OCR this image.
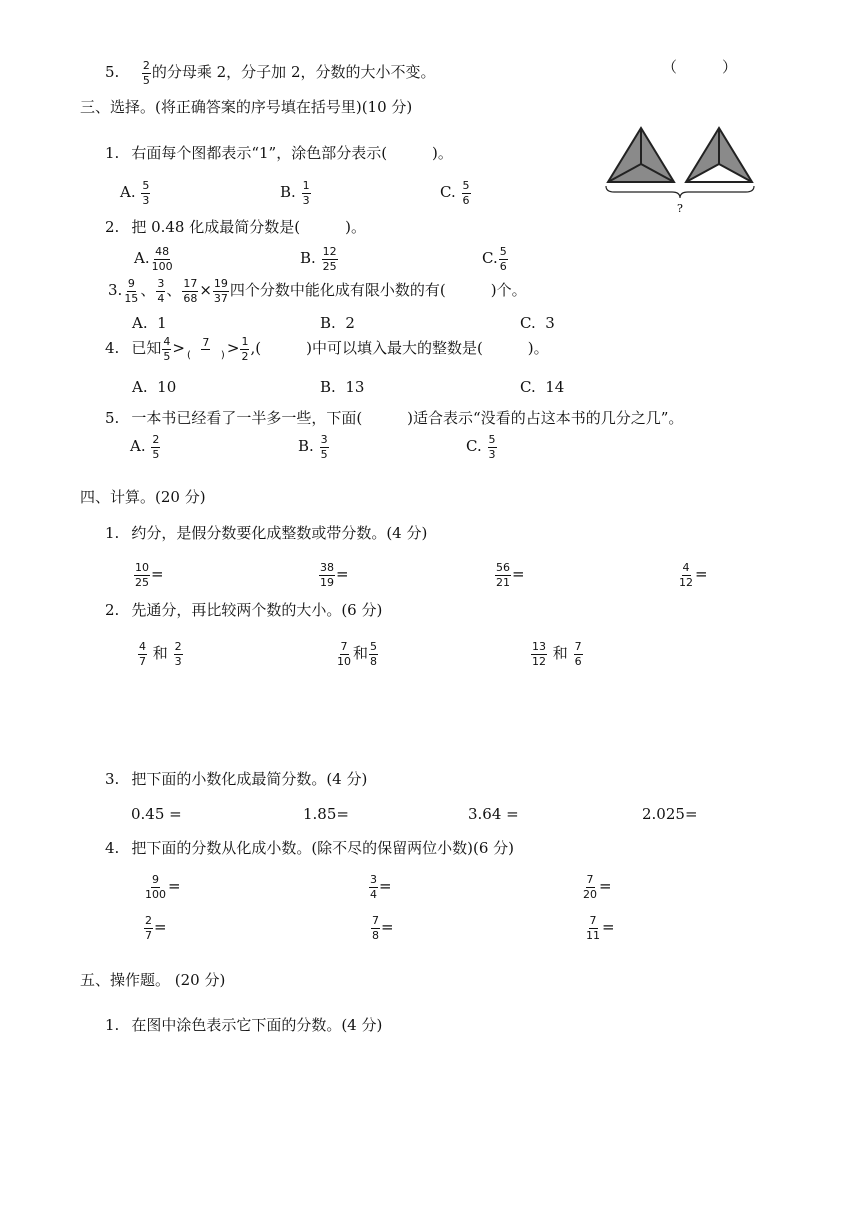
5. $\frac{2}{5}$ 的分母乘 2，分子加 2，分数的大小不变。	（　　　）
三、选择。(将正确答案的序号填在括号里)(10 分)
1. 右面每个图都表示“1”，涂色部分表示(　　　)。
A. $\frac{5}{3}$	B. $\frac{1}{3}$	C. $\frac{5}{6}$
?
2. 把 0.48 化成最简分数是(　　　)。
A. $\frac{48}{100}$	B. $\frac{12}{25}$	C. $\frac{5}{6}$
3. $\frac{9}{15}$ 、 $\frac{3}{4}$ 、 $\frac{17}{68} \times \frac{19}{37}$ 四个分数中能化成有限小数的有(　　　)个。
A. 1	B. 2	C. 3
4. 已知 $\frac{4}{5} > \frac{7}{( )} > \frac{1}{2}$ ,(　　　)中可以填入最大的整数是(　　　)。
A. 10	B. 13	C. 14
5. 一本书已经看了一半多一些，下面(　　　)适合表示“没看的占这本书的几分之几”。
A. $\frac{2}{5}$	B. $\frac{3}{5}$	C. $\frac{5}{3}$
四、计算。(20 分)
1. 约分，是假分数要化成整数或带分数。(4 分)
$\frac{10}{25}$ =	$\frac{38}{19}$ =	$\frac{56}{21}$ =	$\frac{4}{12}$ =
2. 先通分，再比较两个数的大小。(6 分)
$\frac{4}{7}$ 和 $\frac{2}{3}$	$\frac{7}{10}$ 和 $\frac{5}{8}$	$\frac{13}{12}$ 和 $\frac{7}{6}$
3. 把下面的小数化成最简分数。(4 分)
0.45 =	1.85=	3.64 =	2.025=
4. 把下面的分数从化成小数。(除不尽的保留两位小数)(6 分)
$\frac{9}{100}$ =	$\frac{3}{4}$ =	$\frac{7}{20}$ =
$\frac{2}{7}$ =	$\frac{7}{8}$ =	$\frac{7}{11}$ =
五、操作题。 (20 分)
1. 在图中涂色表示它下面的分数。(4 分)
